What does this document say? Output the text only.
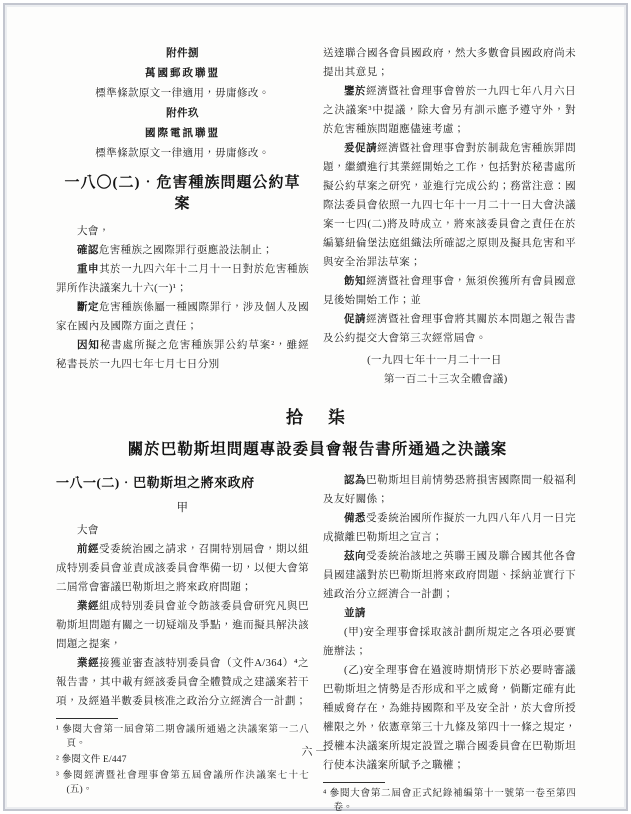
附件捌

萬國郵政聯盟

標準條款原文一律適用，毋庸修改。

附件玖

國際電訊聯盟

標準條款原文一律適用，毋庸修改。

一八〇(二)．危害種族問題公約草案

大會，

確認危害種族之國際罪行亟應設法制止；

重申其於一九四六年十二月十一日對於危害種族罪所作決議案九十六(一)¹；

斷定危害種族係屬一種國際罪行，涉及個人及國家在國內及國際方面之責任；

因知秘書處所擬之危害種族罪公約草案²，雖經秘書長於一九四七年七月七日分別

送達聯合國各會員國政府，然大多數會員國政府尚未提出其意見；

鑒於經濟暨社會理事會曾於一九四七年八月六日之決議案³中提議，除大會另有訓示應予遵守外，對於危害種族問題應儘速考慮；

爰促請經濟暨社會理事會對於制裁危害種族罪問題，繼續進行其業經開始之工作，包括對於秘書處所擬公約草案之研究，並進行完成公約；務當注意：國際法委員會依照一九四七年十一月二十一日大會決議案一七四(二)將及時成立，將來該委員會之責任在於編纂紐倫堡法庭組織法所確認之原則及擬具危害和平與安全治罪法草案；

飭知經濟暨社會理事會，無須俟獲所有會員國意見後始開始工作；並

促請經濟暨社會理事會將其關於本問題之報告書及公約提交大會第三次經常屆會。

(一九四七年十一月二十一日
第一百二十三次全體會議)
拾　柒
關於巴勒斯坦問題專設委員會報告書所通過之決議案
一八一(二)．巴勒斯坦之將來政府
甲

大會

前經受委統治國之請求，召開特別屆會，期以組成特別委員會並責成該委員會準備一切，以便大會第二屆常會審議巴勒斯坦之將來政府問題；

業經組成特別委員會並令飭該委員會研究凡與巴勒斯坦問題有關之一切疑端及爭點，進而擬具解決該問題之提案，

業經接獲並審查該特別委員會（文件A/364）⁴之報告書，其中載有經該委員會全體贊成之建議案若干項，及經過半數委員核准之政治分立經濟合一計劃；

¹ 參閱大會第一屆會第二期會議所通過之決議案第一二八頁。

² 參閱文件 E/447

³ 參閱經濟暨社會理事會第五屆會議所作決議案七十七(五)。

認為巴勒斯坦目前情勢恐將損害國際間一般福利及友好關係；

備悉受委統治國所作擬於一九四八年八月一日完成撤離巴勒斯坦之宣言；

茲向受委統治該地之英聯王國及聯合國其他各會員國建議對於巴勒斯坦將來政府問題、採納並實行下述政治分立經濟合一計劃；

並請

(甲)安全理事會採取該計劃所規定之各項必要實施辦法；

(乙)安全理事會在過渡時期情形下於必要時審議巴勒斯坦之情勢是否形成和平之威脅，倘斷定確有此種威脅存在，為維持國際和平及安全計，於大會所授權限之外，依憲章第三十九條及第四十一條之規定，授權本決議案所規定設置之聯合國委員會在巴勒斯坦行使本決議案所賦予之職權；

⁴ 參閱大會第二屆會正式紀錄補編第十一號第一卷至第四卷。

六一
